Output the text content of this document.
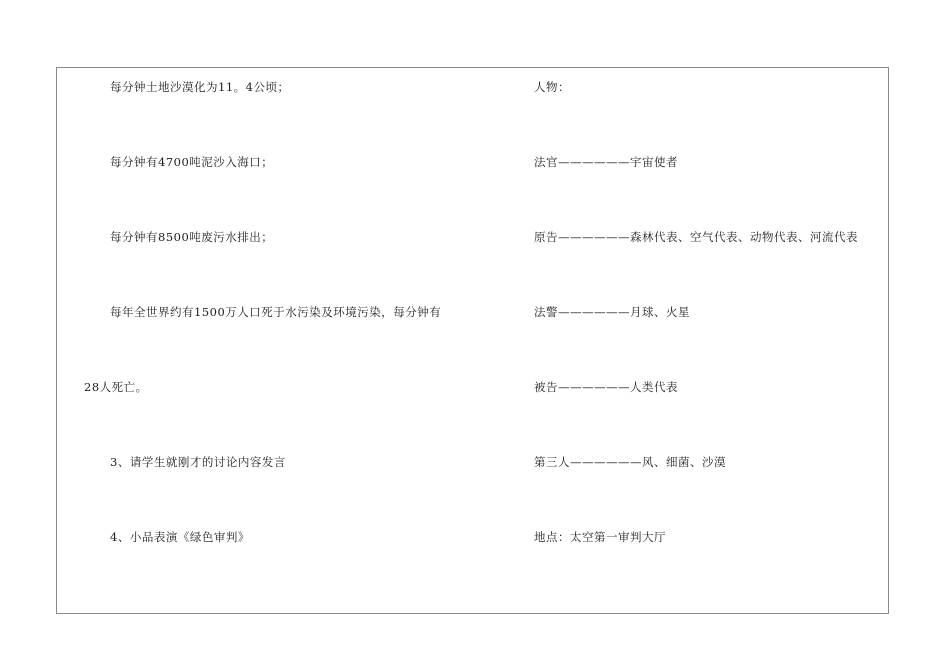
每分钟土地沙漠化为11。4公顷；
每分钟有4700吨泥沙入海口；
每分钟有8500吨废污水排出；
每年全世界约有1500万人口死于水污染及环境污染，每分钟有
28人死亡。
3、请学生就刚才的讨论内容发言
4、小品表演《绿色审判》
人物：
法官——————宇宙使者
原告——————森林代表、空气代表、动物代表、河流代表
法警——————月球、火星
被告——————人类代表
第三人——————风、细菌、沙漠
地点：太空第一审判大厅
